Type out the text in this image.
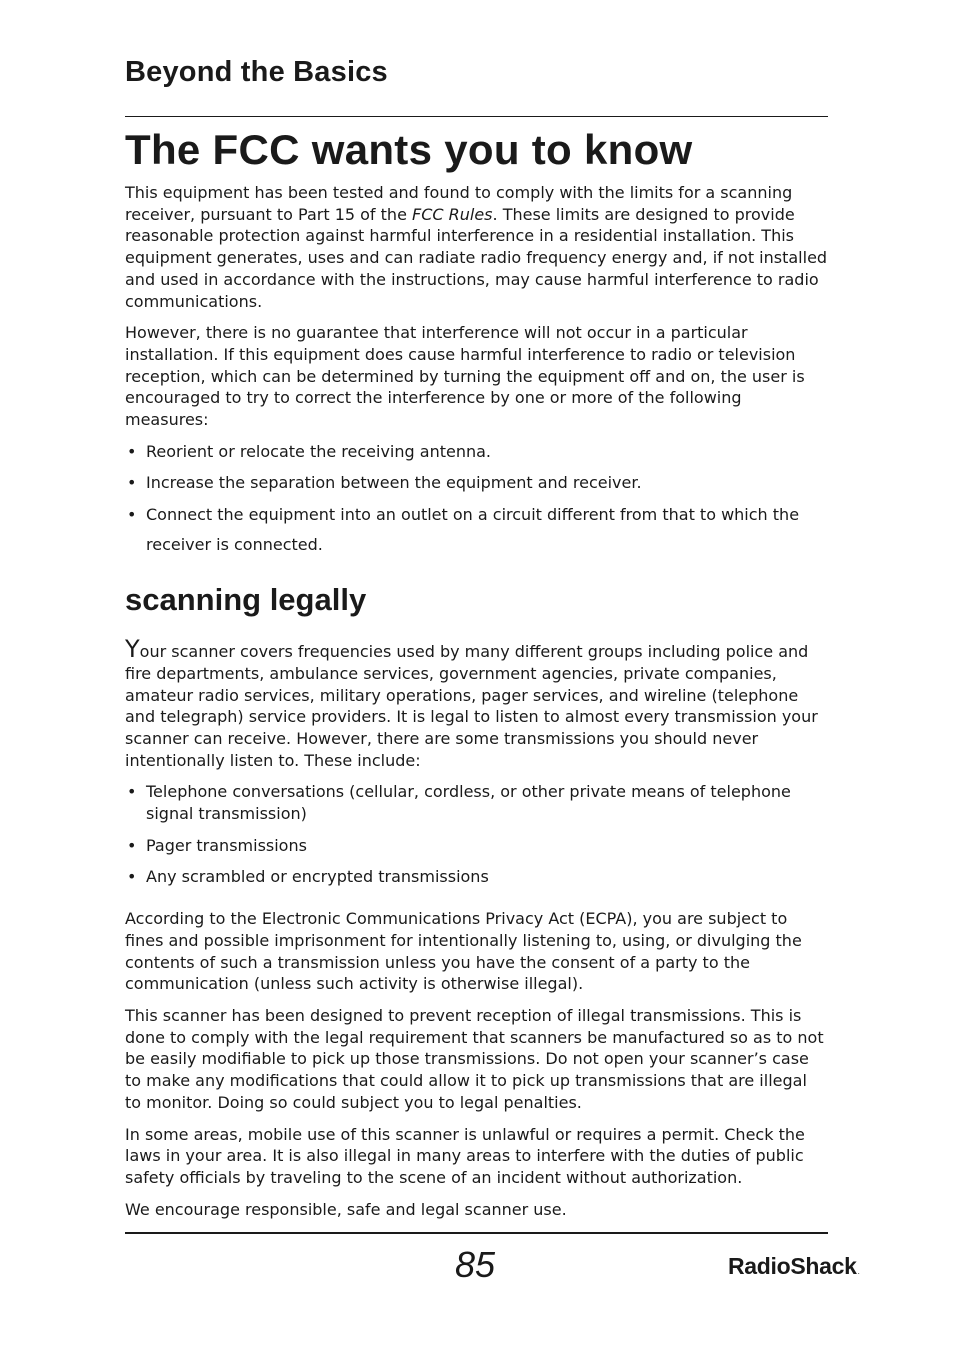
Beyond the Basics
The FCC wants you to know

This equipment has been tested and found to comply with the limits for a scanning receiver, pursuant to Part 15 of the FCC Rules. These limits are designed to provide reasonable protection against harmful interference in a residential installation. This equipment generates, uses and can radiate radio frequency energy and, if not installed and used in accordance with the instructions, may cause harmful interference to radio communications.

However, there is no guarantee that interference will not occur in a particular installation. If this equipment does cause harmful interference to radio or television reception, which can be determined by turning the equipment off and on, the user is encouraged to try to correct the interference by one or more of the following measures:

• Reorient or relocate the receiving antenna.
• Increase the separation between the equipment and receiver.
• Connect the equipment into an outlet on a circuit different from that to which the receiver is connected.
scanning legally

Your scanner covers frequencies used by many different groups including police and fire departments, ambulance services, government agencies, private companies, amateur radio services, military operations, pager services, and wireline (telephone and telegraph) service providers. It is legal to listen to almost every transmission your scanner can receive. However, there are some transmissions you should never intentionally listen to. These include:

• Telephone conversations (cellular, cordless, or other private means of telephone signal transmission)
• Pager transmissions
• Any scrambled or encrypted transmissions

According to the Electronic Communications Privacy Act (ECPA), you are subject to fines and possible imprisonment for intentionally listening to, using, or divulging the contents of such a transmission unless you have the consent of a party to the communication (unless such activity is otherwise illegal).

This scanner has been designed to prevent reception of illegal transmissions. This is done to comply with the legal requirement that scanners be manufactured so as to not be easily modifiable to pick up those transmissions. Do not open your scanner’s case to make any modifications that could allow it to pick up transmissions that are illegal to monitor. Doing so could subject you to legal penalties.

In some areas, mobile use of this scanner is unlawful or requires a permit. Check the laws in your area. It is also illegal in many areas to interfere with the duties of public safety officials by traveling to the scene of an incident without authorization.

We encourage responsible, safe and legal scanner use.

85	RadioShack.
